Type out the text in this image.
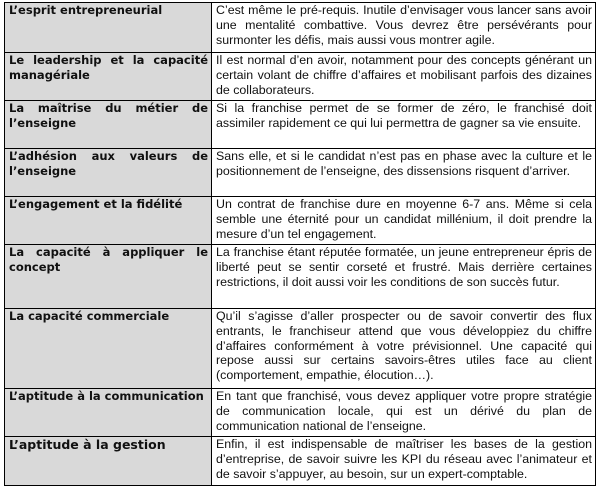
L’esprit entrepreneurial	C’est même le pré-requis. Inutile d’envisager vous lancer sans avoir une mentalité combattive. Vous devrez être persévérants pour surmonter les défis, mais aussi vous montrer agile.
Le leadership et la capacité managériale	Il est normal d’en avoir, notamment pour des concepts générant un certain volant de chiffre d’affaires et mobilisant parfois des dizaines de collaborateurs.
La maîtrise du métier de l’enseigne	Si la franchise permet de se former de zéro, le franchisé doit assimiler rapidement ce qui lui permettra de gagner sa vie ensuite.
L’adhésion aux valeurs de l’enseigne	Sans elle, et si le candidat n’est pas en phase avec la culture et le positionnement de l’enseigne, des dissensions risquent d’arriver.
L’engagement et la fidélité	Un contrat de franchise dure en moyenne 6-7 ans. Même si cela semble une éternité pour un candidat millénium, il doit prendre la mesure d’un tel engagement.
La capacité à appliquer le concept	La franchise étant réputée formatée, un jeune entrepreneur épris de liberté peut se sentir corseté et frustré. Mais derrière certaines restrictions, il doit aussi voir les conditions de son succès futur.
La capacité commerciale	Qu’il s’agisse d’aller prospecter ou de savoir convertir des flux entrants, le franchiseur attend que vous développiez du chiffre d’affaires conformément à votre prévisionnel. Une capacité qui repose aussi sur certains savoirs-êtres utiles face au client (comportement, empathie, élocution…).
L’aptitude à la communication	En tant que franchisé, vous devez appliquer votre propre stratégie de communication locale, qui est un dérivé du plan de communication national de l’enseigne.
L’aptitude à la gestion	Enfin, il est indispensable de maîtriser les bases de la gestion d’entreprise, de savoir suivre les KPI du réseau avec l’animateur et de savoir s’appuyer, au besoin, sur un expert-comptable.
